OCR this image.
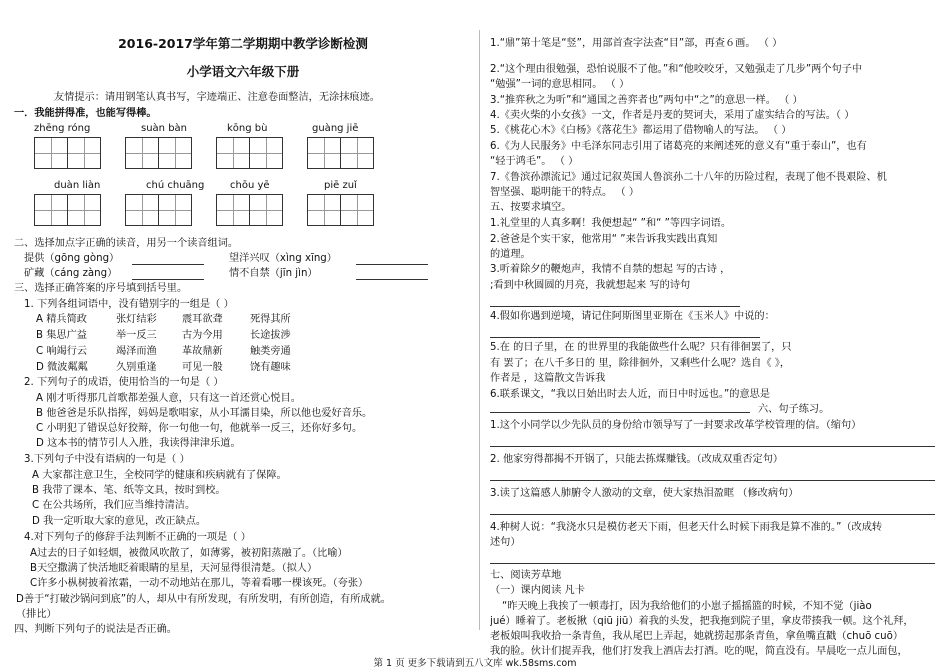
2016-2017学年第二学期期中教学诊断检测
小学语文六年级下册
友情提示：请用钢笔认真书写，字迹端正、注意卷面整洁，无涂抹痕迹。
一．我能拼得准，也能写得棒。
zhēng róng	suàn bàn	kōng bù	guàng jiē
duàn liàn	chú chuāng	chōu yē	piē zuǐ
二、选择加点字正确的读音，用另一个读音组词。
提供（gōng gòng）	望洋兴叹（xìng xīng）
矿藏（cáng zàng）	情不自禁（jīn jìn）
三、选择正确答案的序号填到括号里。
1. 下列各组词语中，没有错别字的一组是（ ）
A 精兵简政	张灯结彩 震耳欲聋	死得其所
B 集思广益	举一反三 古为今用	长途拔涉
C 响竭行云	竭泽而渔 革故鼎新	触类旁通
D 微波粼粼	久别重逢 可见一般	饶有趣味
2. 下列句子的成语，使用恰当的一句是（ ）
A 刚才听得那几首歌都差强人意，只有这一首还赏心悦目。
B 他爸爸是乐队指挥，妈妈是歌唱家，从小耳濡目染，所以他也爱好音乐。
C 小明犯了错误总好狡辩，你一句他一句，他就举一反三，还你好多句。
D 这本书的情节引人入胜，我读得津津乐道。
3.下列句子中没有语病的一句是（ ）
A 大家都注意卫生，全校同学的健康和疾病就有了保障。
B 我带了课本、笔、纸等文具，按时到校。
C 在公共场所，我们应当维持清洁。
D 我一定听取大家的意见，改正缺点。
4.对下列句子的修辞手法判断不正确的一项是（ ）
A过去的日子如轻烟，被微风吹散了，如薄雾，被初阳蒸融了。（比喻）
B天空撒满了快活地眨着眼睛的星星，天河显得很清楚。（拟人）
C许多小枞树披着浓霜，一动不动地站在那儿，等着看哪一棵该死。（夸张）
D善于“打破沙锅问到底”的人，却从中有所发现，有所发明，有所创造，有所成就。
（排比）
四、判断下列句子的说法是否正确。
1.“鼎”第十笔是“竖”，用部首查字法查“目”部，再查６画。 （ ）
2.“这个理由很勉强，恐怕说服不了他。”和“他咬咬牙，又勉强走了几步”两个句子中
“勉强”一词的意思相同。 （ ）
3.“推弈秋之为听”和“通国之善弈者也”两句中“之”的意思一样。 （ ）
4.《卖火柴的小女孩》一文，作者是丹麦的契诃夫，采用了虚实结合的写法。（ ）
5.《桃花心木》《白杨》《落花生》都运用了借物喻人的写法。 （ ）
6.《为人民服务》中毛泽东同志引用了诸葛亮的来阐述死的意义有“重于泰山”，也有
“轻于鸿毛”。 （ ）
7.《鲁滨孙漂流记》通过记叙英国人鲁滨孙二十八年的历险过程，表现了他不畏艰险、机
智坚强、聪明能干的特点。 （ ）
五、按要求填空。
1.礼堂里的人真多啊！我便想起“ ”和“ ”等四字词语。
2.爸爸是个实干家，他常用“ ”来告诉我实践出真知
的道理。
3.听着除夕的鞭炮声，我情不自禁的想起 写的古诗 ，
;看到中秋圆圆的月亮，我就想起来 写的诗句
4.假如你遇到逆境，请记住阿斯图里亚斯在《玉米人》中说的：
5.在 的日子里，在 的世界里的我能做些什么呢？只有徘徊罢了，只
有 罢了；在八千多日的 里，除徘徊外，又剩些什么呢？选自《 》，
作者是 ，这篇散文告诉我
6.联系课文，“我以日始出时去人近，而日中时远也。”的意思是
六、句子练习。
1.这个小同学以少先队员的身份给市领导写了一封要求改革学校管理的信。（缩句）
2. 他家穷得都揭不开锅了，只能去拣煤赚钱。（改成双重否定句）
3.读了这篇感人肺腑令人激动的文章，使大家热泪盈眶 （修改病句）
4.种树人说：“我浇水只是模仿老天下雨，但老天什么时候下雨我是算不准的。”（改成转
述句）
七、阅读芳草地
（一）课内阅读 凡卡
“昨天晚上我挨了一顿毒打，因为我给他们的小崽子摇摇篮的时候，不知不觉（jiào
jué）睡着了。老板揪（qiū jiū）着我的头发，把我拖到院子里，拿皮带揍我一顿。这个礼拜，
老板娘叫我收拾一条青鱼，我从尾巴上弄起，她就捞起那条青鱼，拿鱼嘴直戳（chuō cuō）
我的脸。伙计们捉弄我，他们打发我上酒店去打酒。吃的呢，简直没有。早晨吃一点儿面包，
第 1 页 更多下载请到五八文库 wk.58sms.com
